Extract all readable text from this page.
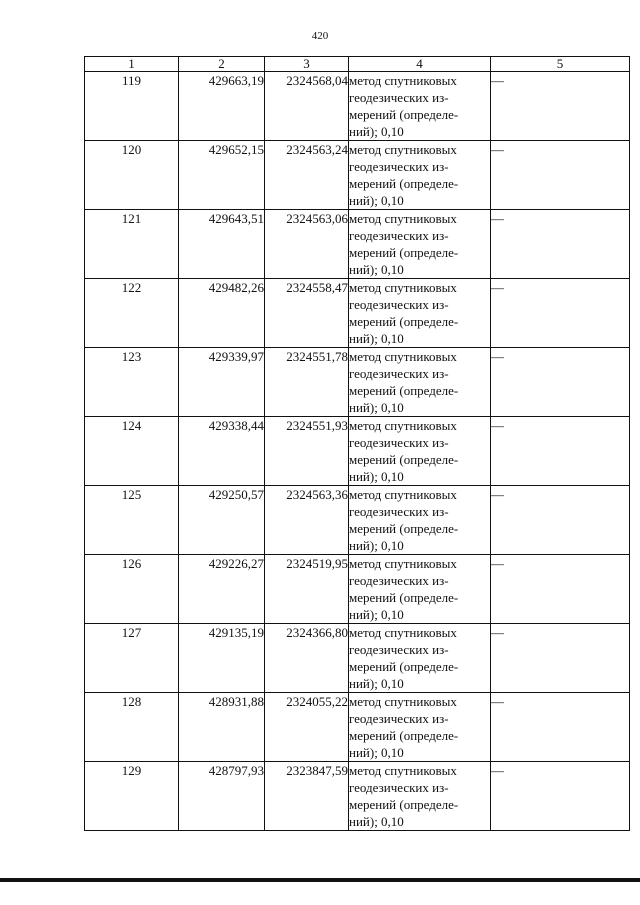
420
1	2	3	4	5
119	429663,19	2324568,04	метод спутниковых
геодезических из-
мерений (определе-
ний); 0,10	—
120	429652,15	2324563,24	метод спутниковых
геодезических из-
мерений (определе-
ний); 0,10	—
121	429643,51	2324563,06	метод спутниковых
геодезических из-
мерений (определе-
ний); 0,10	—
122	429482,26	2324558,47	метод спутниковых
геодезических из-
мерений (определе-
ний); 0,10	—
123	429339,97	2324551,78	метод спутниковых
геодезических из-
мерений (определе-
ний); 0,10	—
124	429338,44	2324551,93	метод спутниковых
геодезических из-
мерений (определе-
ний); 0,10	—
125	429250,57	2324563,36	метод спутниковых
геодезических из-
мерений (определе-
ний); 0,10	—
126	429226,27	2324519,95	метод спутниковых
геодезических из-
мерений (определе-
ний); 0,10	—
127	429135,19	2324366,80	метод спутниковых
геодезических из-
мерений (определе-
ний); 0,10	—
128	428931,88	2324055,22	метод спутниковых
геодезических из-
мерений (определе-
ний); 0,10	—
129	428797,93	2323847,59	метод спутниковых
геодезических из-
мерений (определе-
ний); 0,10	—
